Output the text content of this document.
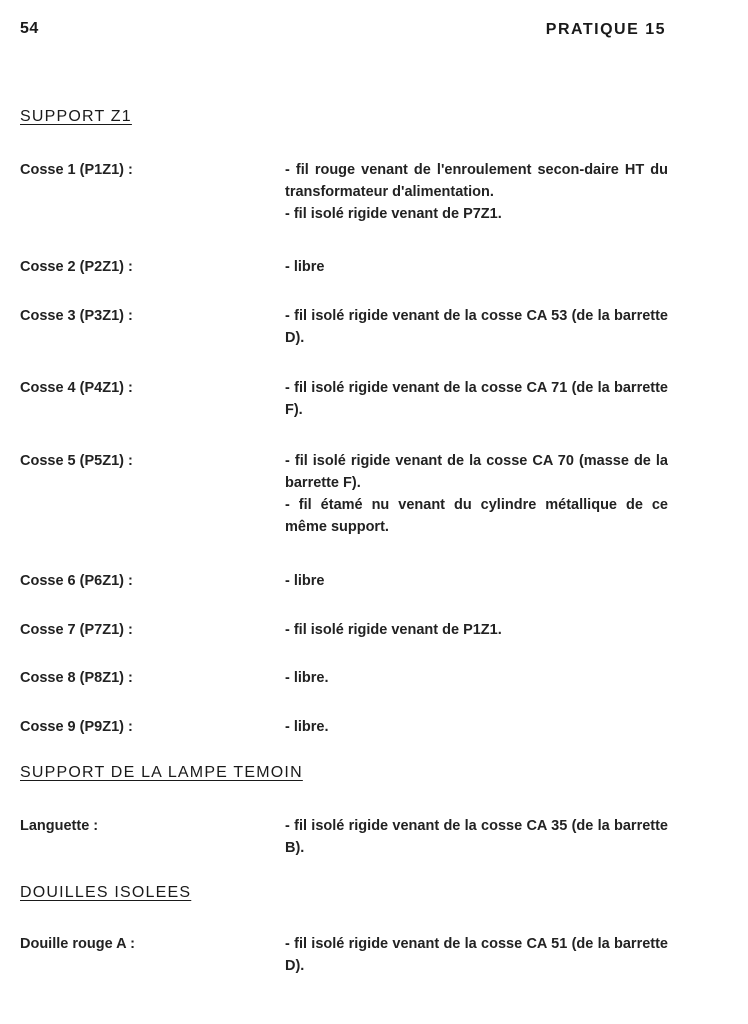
54	PRATIQUE 15
SUPPORT Z1
Cosse 1 (P1Z1) :	- fil rouge venant de l'enroulement secon-daire HT du transformateur d'alimentation.
- fil isolé rigide venant de P7Z1.
Cosse 2 (P2Z1) :	- libre
Cosse 3 (P3Z1) :	- fil isolé rigide venant de la cosse CA 53 (de la barrette D).
Cosse 4 (P4Z1) :	- fil isolé rigide venant de la cosse CA 71 (de la barrette F).
Cosse 5 (P5Z1) :	- fil isolé rigide venant de la cosse CA 70 (masse de la barrette F).
- fil étamé nu venant du cylindre métallique de ce même support.
Cosse 6 (P6Z1) :	- libre
Cosse 7 (P7Z1) :	- fil isolé rigide venant de P1Z1.
Cosse 8 (P8Z1) :	- libre.
Cosse 9 (P9Z1) :	- libre.
SUPPORT DE LA LAMPE TEMOIN
Languette :	- fil isolé rigide venant de la cosse CA 35 (de la barrette B).
DOUILLES ISOLEES
Douille rouge A :	- fil isolé rigide venant de la cosse CA 51 (de la barrette D).
